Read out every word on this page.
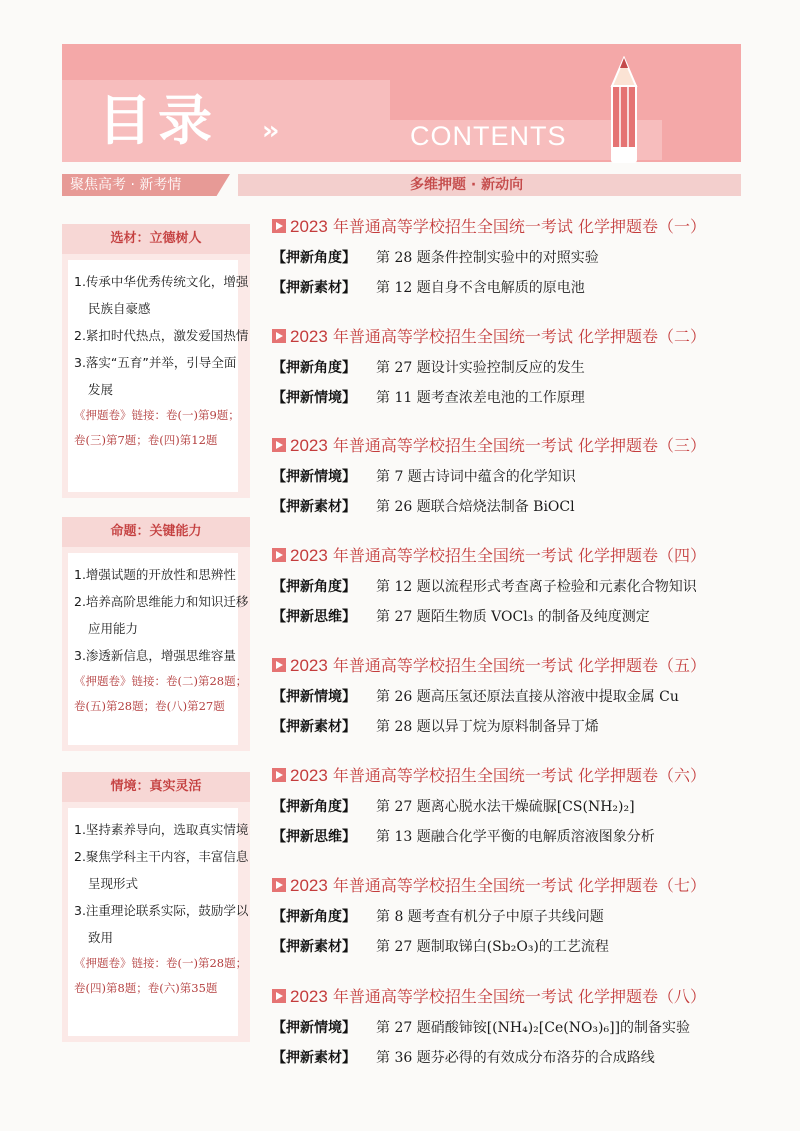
目录 ››	CONTENTS
聚焦高考 · 新考情	多维押题 · 新动向
选材：立德树人
1.传承中华优秀传统文化，增强
民族自豪感
2.紧扣时代热点，激发爱国热情
3.落实“五育”并举，引导全面
发展
《押题卷》链接：卷(一)第9题；
卷(三)第7题；卷(四)第12题
命题：关键能力
1.增强试题的开放性和思辨性
2.培养高阶思维能力和知识迁移
应用能力
3.渗透新信息，增强思维容量
《押题卷》链接：卷(二)第28题；
卷(五)第28题；卷(八)第27题
情境：真实灵活
1.坚持素养导向，选取真实情境
2.聚焦学科主干内容，丰富信息
呈现形式
3.注重理论联系实际，鼓励学以
致用
《押题卷》链接：卷(一)第28题；
卷(四)第8题；卷(六)第35题
2023 年普通高等学校招生全国统一考试 化学押题卷（一）
【押新角度】 第 28 题条件控制实验中的对照实验
【押新素材】 第 12 题自身不含电解质的原电池
2023 年普通高等学校招生全国统一考试 化学押题卷（二）
【押新角度】 第 27 题设计实验控制反应的发生
【押新情境】 第 11 题考查浓差电池的工作原理
2023 年普通高等学校招生全国统一考试 化学押题卷（三）
【押新情境】 第 7 题古诗词中蕴含的化学知识
【押新素材】 第 26 题联合焙烧法制备 BiOCl
2023 年普通高等学校招生全国统一考试 化学押题卷（四）
【押新角度】 第 12 题以流程形式考查离子检验和元素化合物知识
【押新思维】 第 27 题陌生物质 VOCl₃ 的制备及纯度测定
2023 年普通高等学校招生全国统一考试 化学押题卷（五）
【押新情境】 第 26 题高压氢还原法直接从溶液中提取金属 Cu
【押新素材】 第 28 题以异丁烷为原料制备异丁烯
2023 年普通高等学校招生全国统一考试 化学押题卷（六）
【押新角度】 第 27 题离心脱水法干燥硫脲[CS(NH₂)₂]
【押新思维】 第 13 题融合化学平衡的电解质溶液图象分析
2023 年普通高等学校招生全国统一考试 化学押题卷（七）
【押新角度】 第 8 题考查有机分子中原子共线问题
【押新素材】 第 27 题制取锑白(Sb₂O₃)的工艺流程
2023 年普通高等学校招生全国统一考试 化学押题卷（八）
【押新情境】 第 27 题硝酸铈铵[(NH₄)₂[Ce(NO₃)₆]]的制备实验
【押新素材】 第 36 题芬必得的有效成分布洛芬的合成路线
